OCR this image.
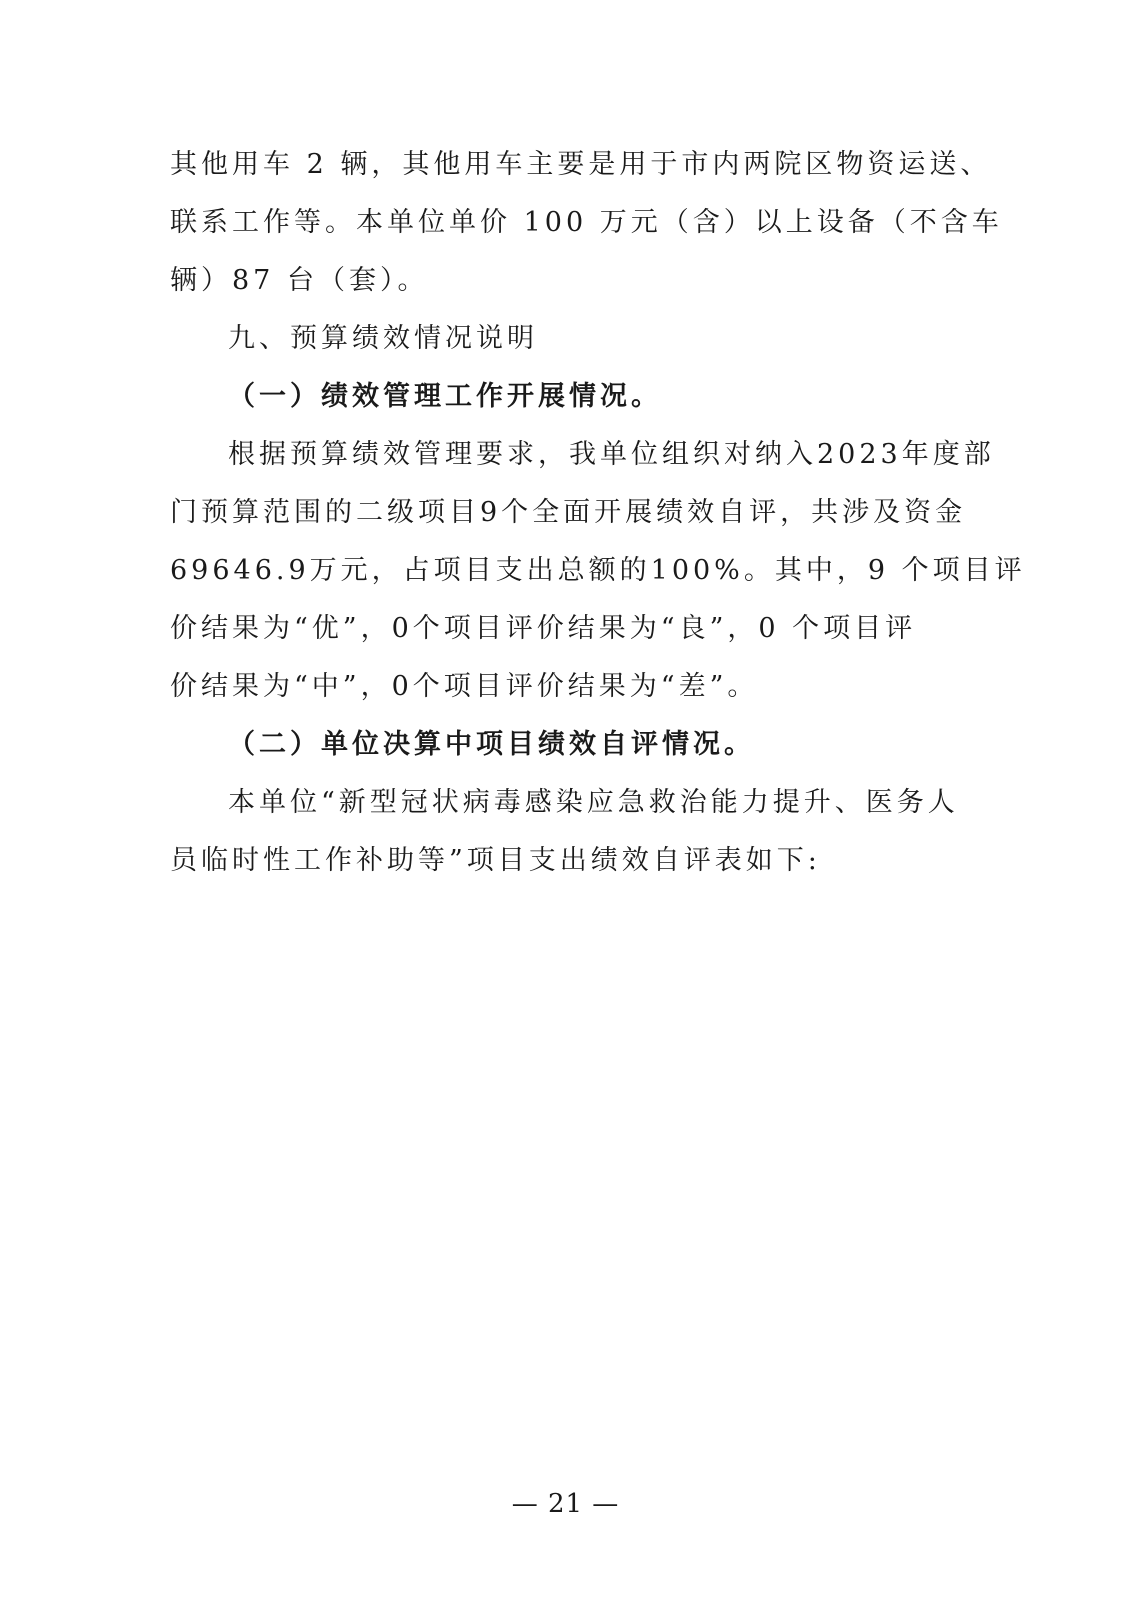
其他用车 2 辆，其他用车主要是用于市内两院区物资运送、
联系工作等。本单位单价 100 万元（含）以上设备（不含车
辆）87 台（套）。
九、预算绩效情况说明
（一）绩效管理工作开展情况。
根据预算绩效管理要求，我单位组织对纳入2023年度部
门预算范围的二级项目9个全面开展绩效自评，共涉及资金
69646.9万元，占项目支出总额的100%。其中，9 个项目评
价结果为“优”，0个项目评价结果为“良”，0 个项目评
价结果为“中”，0个项目评价结果为“差”。
（二）单位决算中项目绩效自评情况。
本单位“新型冠状病毒感染应急救治能力提升、医务人
员临时性工作补助等”项目支出绩效自评表如下:
— 21 —
